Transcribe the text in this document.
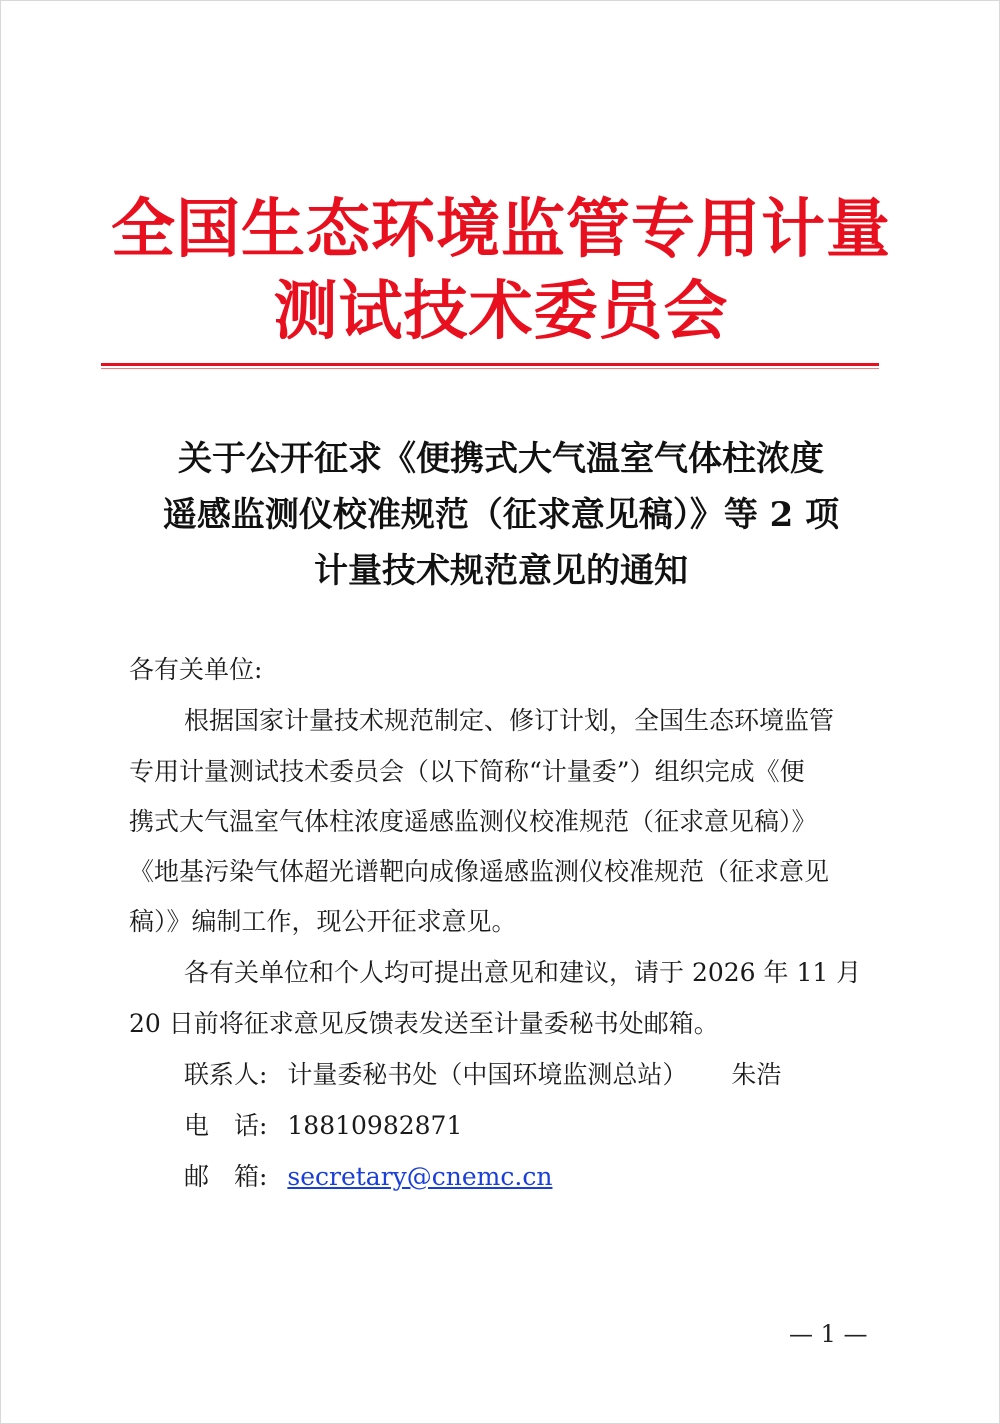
全国生态环境监管专用计量
测试技术委员会
关于公开征求《便携式大气温室气体柱浓度
遥感监测仪校准规范（征求意见稿）》等 2 项
计量技术规范意见的通知
各有关单位:
根据国家计量技术规范制定、修订计划，全国生态环境监管
专用计量测试技术委员会（以下简称“计量委”）组织完成《便
携式大气温室气体柱浓度遥感监测仪校准规范（征求意见稿）》
《地基污染气体超光谱靶向成像遥感监测仪校准规范（征求意见
稿）》编制工作，现公开征求意见。
各有关单位和个人均可提出意见和建议，请于 2026 年 11 月
20 日前将征求意见反馈表发送至计量委秘书处邮箱。
联系人: 计量委秘书处（中国环境监测总站） 朱浩
电　话: 18810982871
邮　箱: secretary@cnemc.cn
— 1 —
